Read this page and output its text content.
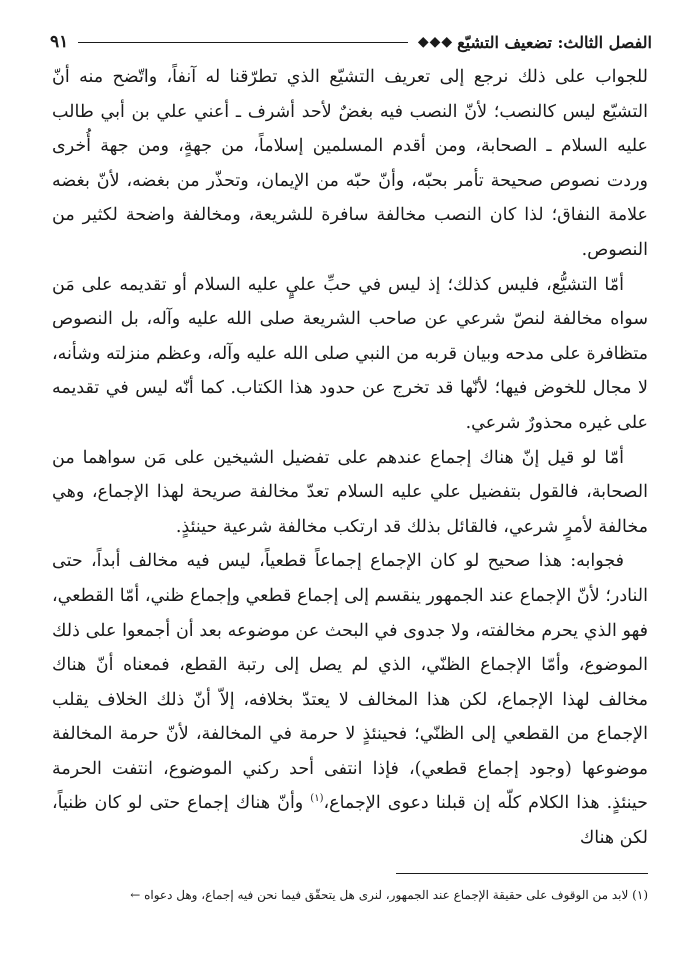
الفصل الثالث: تضعيف التشيّع
◆◆◆
٩١

للجواب على ذلك نرجع إلى تعريف التشيّع الذي تطرّقنا له آنفاً، واتّضح منه أنّ التشيّع ليس كالنصب؛ لأنّ النصب فيه بغضٌ لأحد أشرف ـ أعني علي بن أبي طالب عليه السلام ـ الصحابة، ومن أقدم المسلمين إسلاماً، من جهةٍ، ومن جهة أُخرى وردت نصوص صحيحة تأمر بحبّه، وأنّ حبّه من الإيمان، وتحذّر من بغضه، لأنّ بغضه علامة النفاق؛ لذا كان النصب مخالفة سافرة للشريعة، ومخالفة واضحة لكثير من النصوص.

أمّا التشيُّع، فليس كذلك؛ إذ ليس في حبِّ عليٍ عليه السلام أو تقديمه على مَن سواه مخالفة لنصّ شرعي عن صاحب الشريعة صلى الله عليه وآله، بل النصوص متظافرة على مدحه وبيان قربه من النبي صلى الله عليه وآله، وعظم منزلته وشأنه، لا مجال للخوض فيها؛ لأنّها قد تخرج عن حدود هذا الكتاب. كما أنّه ليس في تقديمه على غيره محذورٌ شرعي.

أمّا لو قيل إنّ هناك إجماع عندهم على تفضيل الشيخين على مَن سواهما من الصحابة، فالقول بتفضيل علي عليه السلام تعدّ مخالفة صريحة لهذا الإجماع، وهي مخالفة لأمرٍ شرعي، فالقائل بذلك قد ارتكب مخالفة شرعية حينئذٍ.

فجوابه: هذا صحيح لو كان الإجماع إجماعاً قطعياً، ليس فيه مخالف أبداً، حتى النادر؛ لأنّ الإجماع عند الجمهور ينقسم إلى إجماع قطعي وإجماع ظني، أمّا القطعي، فهو الذي يحرم مخالفته، ولا جدوى في البحث عن موضوعه بعد أن أجمعوا على ذلك الموضوع، وأمّا الإجماع الظنّي، الذي لم يصل إلى رتبة القطع، فمعناه أنّ هناك مخالف لهذا الإجماع، لكن هذا المخالف لا يعتدّ بخلافه، إلاّ أنّ ذلك الخلاف يقلب الإجماع من القطعي إلى الظنّي؛ فحينئذٍ لا حرمة في المخالفة، لأنّ حرمة المخالفة موضوعها (وجود إجماع قطعي)، فإذا انتفى أحد ركني الموضوع، انتفت الحرمة حينئذٍ. هذا الكلام كلّه إن قبلنا دعوى الإجماع،$^{(١)}$ وأنّ هناك إجماع حتى لو كان ظنياً، لكن هناك

(١) لابد من الوقوف على حقيقة الإجماع عند الجمهور، لنرى هل يتحقّق فيما نحن فيه إجماع، وهل دعواه ←
